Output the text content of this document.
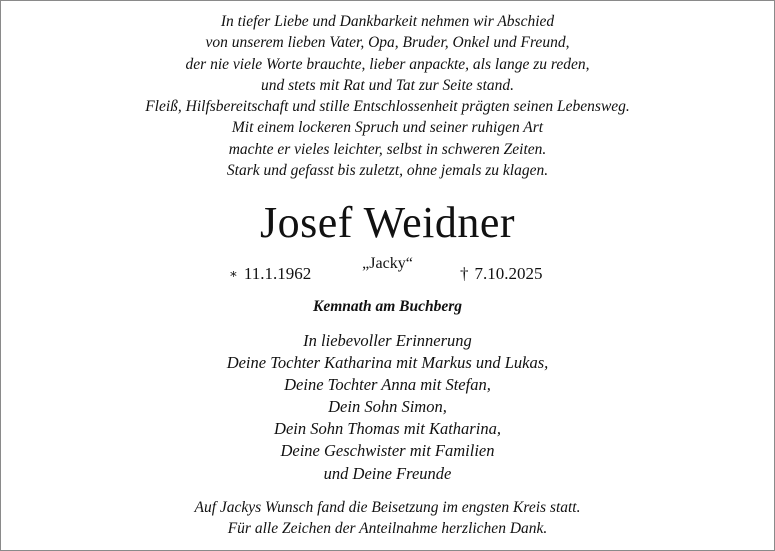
In tiefer Liebe und Dankbarkeit nehmen wir Abschied
von unserem lieben Vater, Opa, Bruder, Onkel und Freund,
der nie viele Worte brauchte, lieber anpackte, als lange zu reden,
und stets mit Rat und Tat zur Seite stand.
Fleiß, Hilfsbereitschaft und stille Entschlossenheit prägten seinen Lebensweg.
Mit einem lockeren Spruch und seiner ruhigen Art
machte er vieles leichter, selbst in schweren Zeiten.
Stark und gefasst bis zuletzt, ohne jemals zu klagen.
Josef Weidner
∗ 11.1.1962
„Jacky“
† 7.10.2025
Kemnath am Buchberg
In liebevoller Erinnerung
Deine Tochter Katharina mit Markus und Lukas,
Deine Tochter Anna mit Stefan,
Dein Sohn Simon,
Dein Sohn Thomas mit Katharina,
Deine Geschwister mit Familien
und Deine Freunde
Auf Jackys Wunsch fand die Beisetzung im engsten Kreis statt.
Für alle Zeichen der Anteilnahme herzlichen Dank.
